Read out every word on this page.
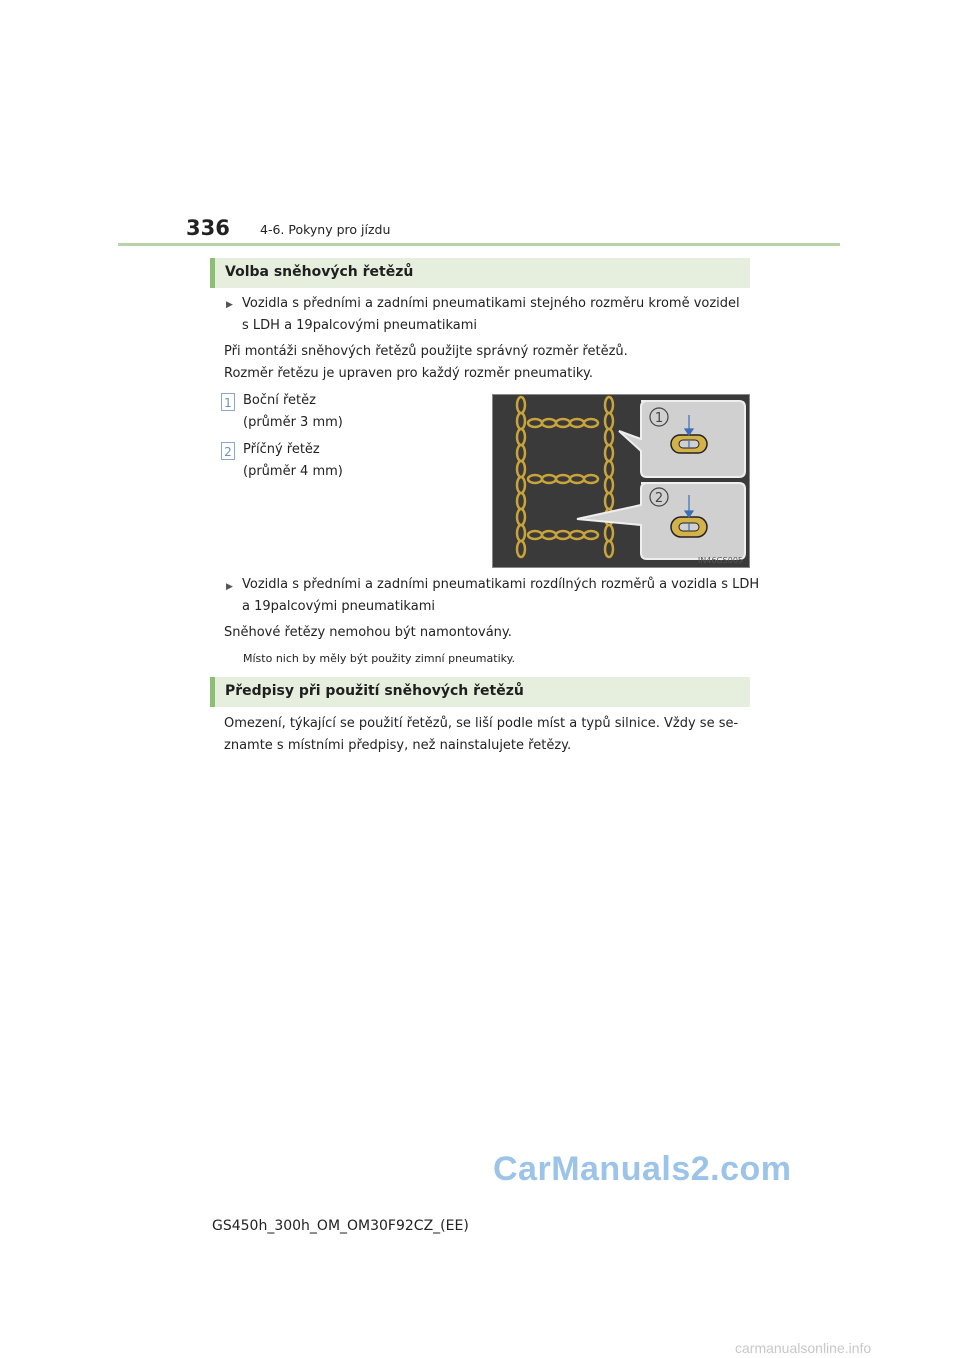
336 4-6. Pokyny pro jízdu
Volba sněhových řetězů
▶ Vozidla s předními a zadními pneumatikami stejného rozměru kromě vozidel
s LDH a 19palcovými pneumatikami
Při montáži sněhových řetězů použijte správný rozměr řetězů.
Rozměr řetězu je upraven pro každý rozměr pneumatiky.
1 Boční řetěz
(průměr 3 mm)
2 Příčný řetěz
(průměr 4 mm)
1
2
IN46GS005
▶ Vozidla s předními a zadními pneumatikami rozdílných rozměrů a vozidla s LDH
a 19palcovými pneumatikami
Sněhové řetězy nemohou být namontovány.
Místo nich by měly být použity zimní pneumatiky.
Předpisy při použití sněhových řetězů
Omezení, týkající se použití řetězů, se liší podle míst a typů silnice. Vždy se se-
znamte s místními předpisy, než nainstalujete řetězy.
CarManuals2.com
GS450h_300h_OM_OM30F92CZ_(EE)
carmanualsonline.info
